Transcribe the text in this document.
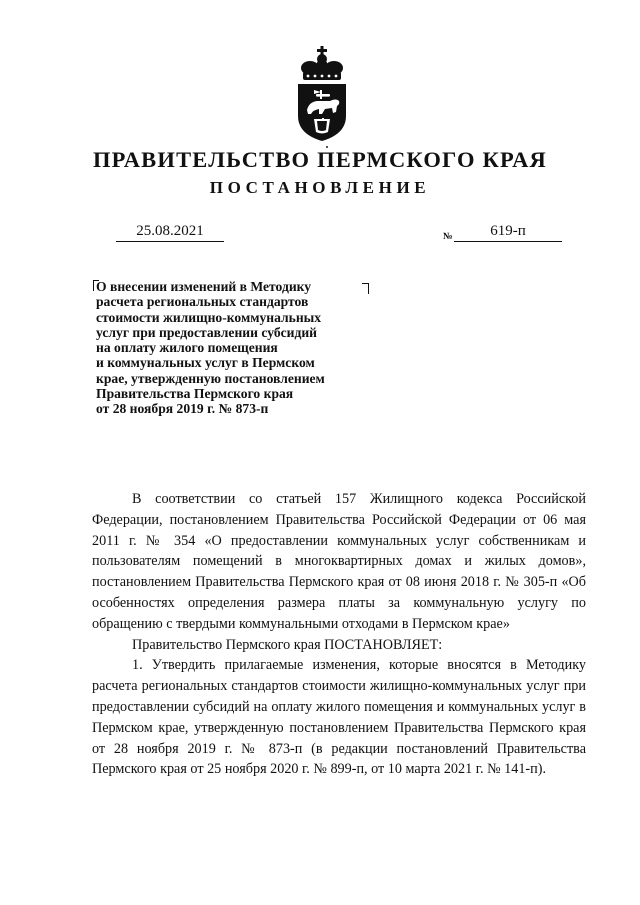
ПРАВИТЕЛЬСТВО ПЕРМСКОГО КРАЯ
ПОСТАНОВЛЕНИЕ
25.08.2021	№	619-п
О внесении изменений в Методику
расчета региональных стандартов
стоимости жилищно-коммунальных
услуг при предоставлении субсидий
на оплату жилого помещения
и коммунальных услуг в Пермском
крае, утвержденную постановлением
Правительства Пермского края
от 28 ноября 2019 г. № 873-п

В соответствии со статьей 157 Жилищного кодекса Российской Федерации, постановлением Правительства Российской Федерации от 06 мая 2011 г. № 354 «О предоставлении коммунальных услуг собственникам и пользователям помещений в многоквартирных домах и жилых домов», постановлением Правительства Пермского края от 08 июня 2018 г. № 305-п «Об особенностях определения размера платы за коммунальную услугу по обращению с твердыми коммунальными отходами в Пермском крае»

Правительство Пермского края ПОСТАНОВЛЯЕТ:

1. Утвердить прилагаемые изменения, которые вносятся в Методику расчета региональных стандартов стоимости жилищно-коммунальных услуг при предоставлении субсидий на оплату жилого помещения и коммунальных услуг в Пермском крае, утвержденную постановлением Правительства Пермского края от 28 ноября 2019 г. № 873-п (в редакции постановлений Правительства Пермского края от 25 ноября 2020 г. № 899-п, от 10 марта 2021 г. № 141-п).
